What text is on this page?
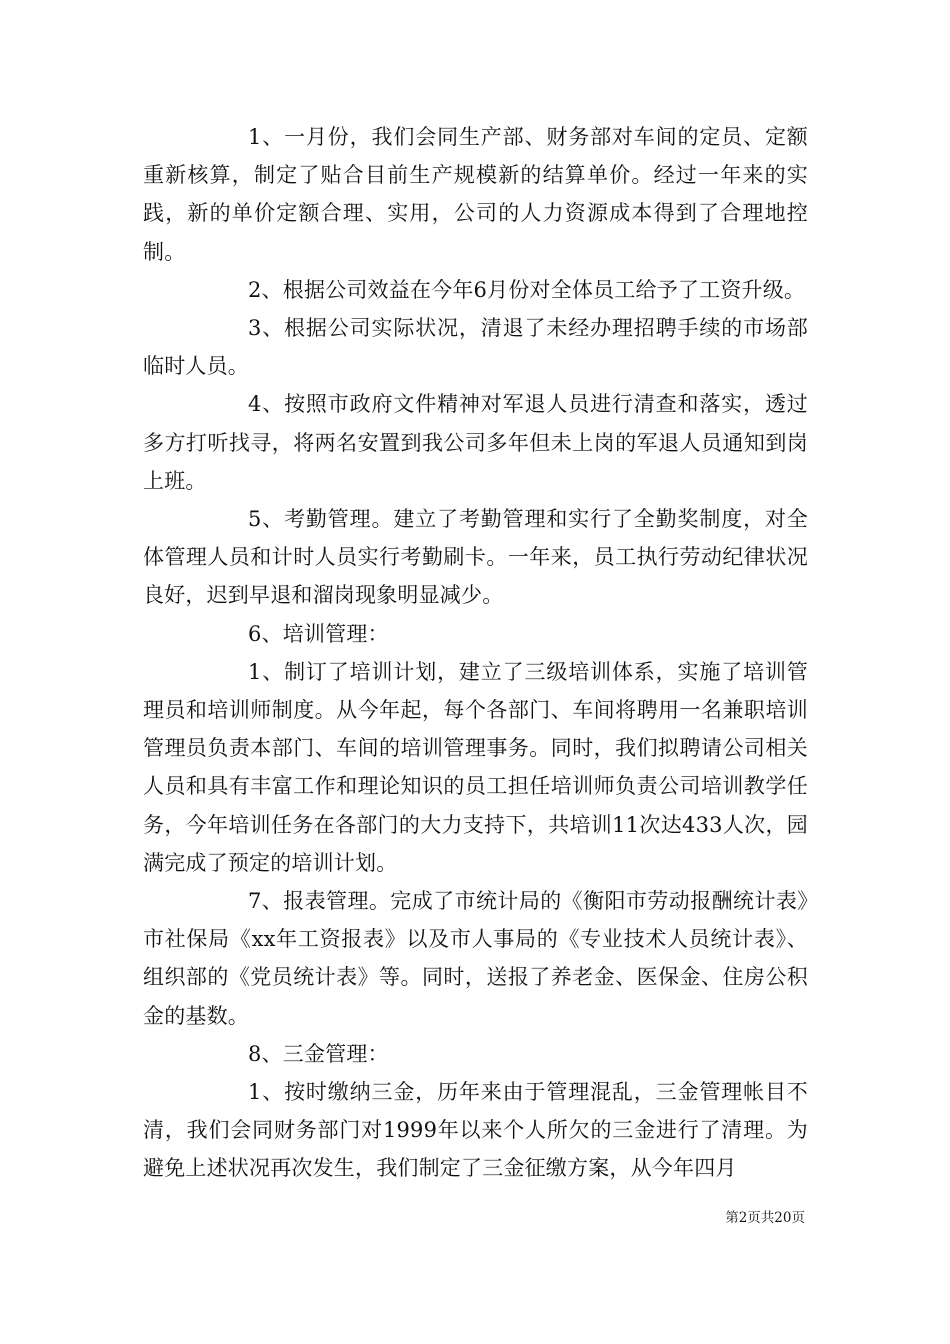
1、一月份，我们会同生产部、财务部对车间的定员、定额重新核算，制定了贴合目前生产规模新的结算单价。经过一年来的实践，新的单价定额合理、实用，公司的人力资源成本得到了合理地控制。

2、根据公司效益在今年6月份对全体员工给予了工资升级。

3、根据公司实际状况，清退了未经办理招聘手续的市场部临时人员。

4、按照市政府文件精神对军退人员进行清查和落实，透过多方打听找寻，将两名安置到我公司多年但未上岗的军退人员通知到岗上班。

5、考勤管理。建立了考勤管理和实行了全勤奖制度，对全体管理人员和计时人员实行考勤刷卡。一年来，员工执行劳动纪律状况良好，迟到早退和溜岗现象明显减少。

6、培训管理：

1、制订了培训计划，建立了三级培训体系，实施了培训管理员和培训师制度。从今年起，每个各部门、车间将聘用一名兼职培训管理员负责本部门、车间的培训管理事务。同时，我们拟聘请公司相关人员和具有丰富工作和理论知识的员工担任培训师负责公司培训教学任务，今年培训任务在各部门的大力支持下，共培训11次达433人次，园满完成了预定的培训计划。

7、报表管理。完成了市统计局的《衡阳市劳动报酬统计表》市社保局《xx年工资报表》以及市人事局的《专业技术人员统计表》、组织部的《党员统计表》等。同时，送报了养老金、医保金、住房公积金的基数。

8、三金管理：

1、按时缴纳三金，历年来由于管理混乱，三金管理帐目不清，我们会同财务部门对1999年以来个人所欠的三金进行了清理。为避免上述状况再次发生，我们制定了三金征缴方案，从今年四月

第2页共20页
